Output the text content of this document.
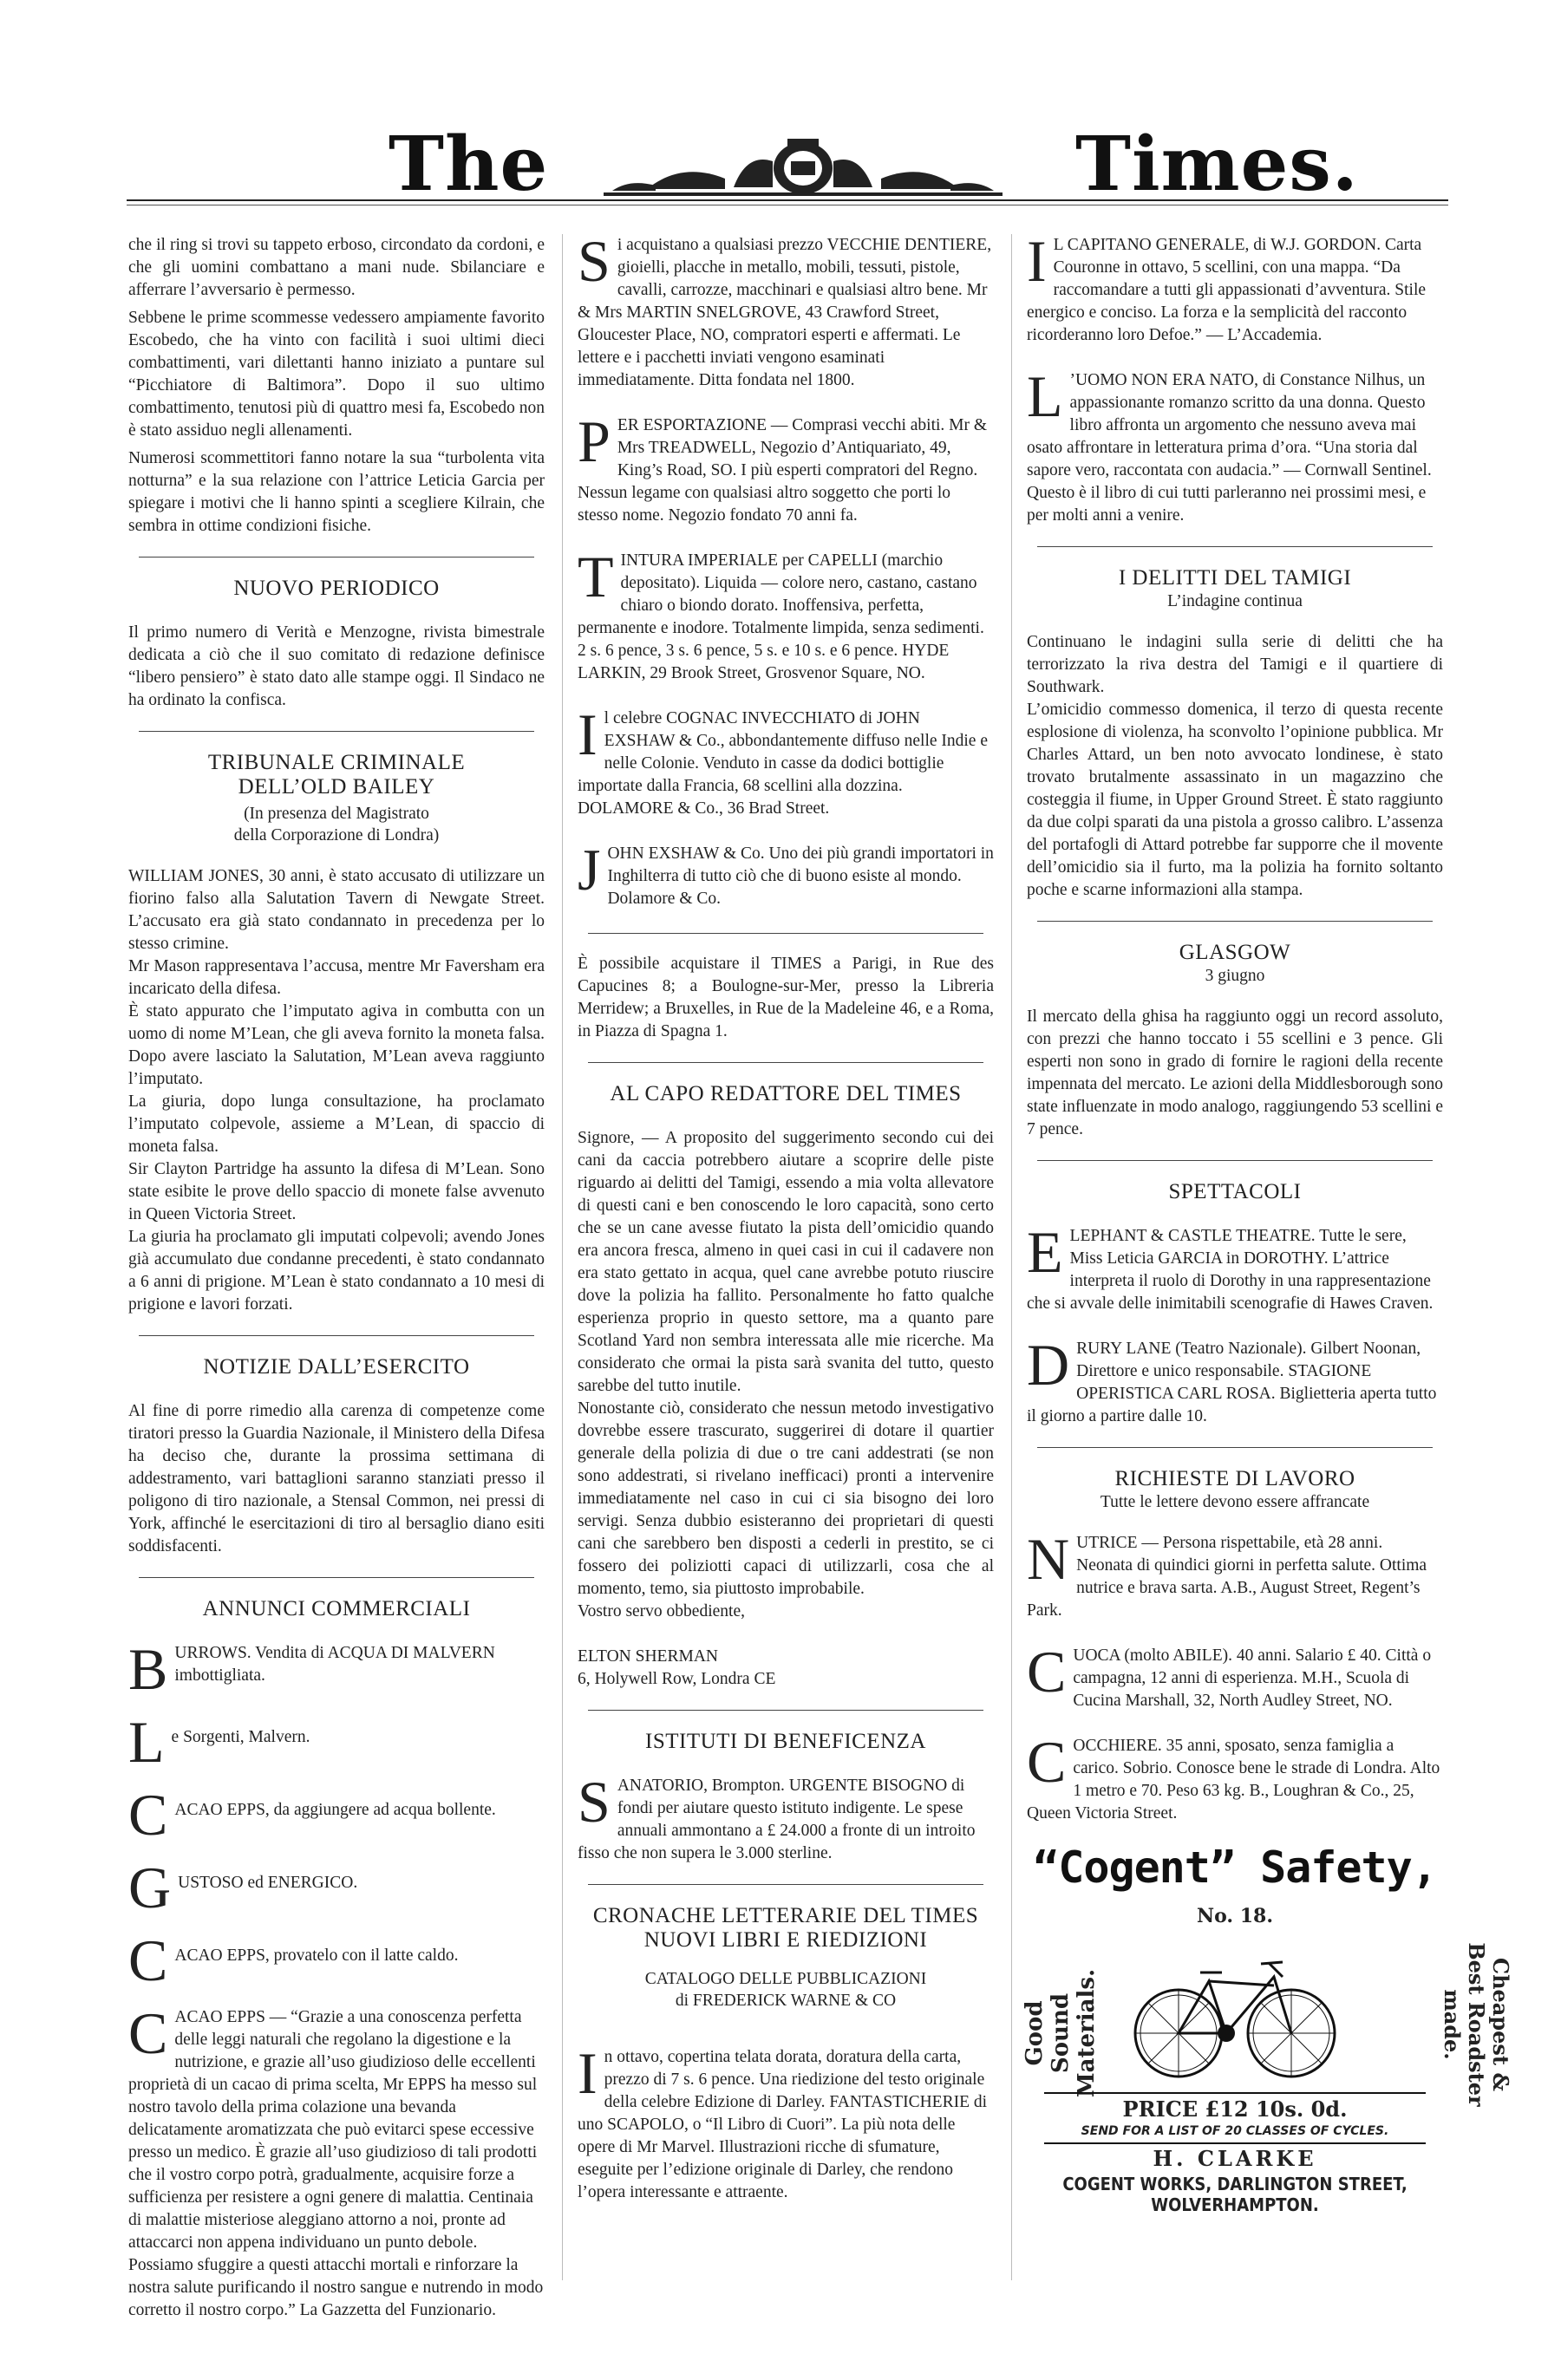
The	Times.

che il ring si trovi su tappeto erboso, circondato da cordoni, e che gli uomini combattano a mani nude. Sbilanciare e afferrare l’avversario è permesso.

Sebbene le prime scommesse vedessero ampiamente favorito Escobedo, che ha vinto con facilità i suoi ultimi dieci combattimenti, vari dilettanti hanno iniziato a puntare sul “Picchiatore di Baltimora”. Dopo il suo ultimo combattimento, tenutosi più di quattro mesi fa, Escobedo non è stato assiduo negli allenamenti.

Numerosi scommettitori fanno notare la sua “turbolenta vita notturna” e la sua relazione con l’attrice Leticia Garcia per spiegare i motivi che li hanno spinti a scegliere Kilrain, che sembra in ottime condizioni fisiche.

NUOVO PERIODICO

Il primo numero di Verità e Menzogne, rivista bimestrale dedicata a ciò che il suo comitato di redazione definisce “libero pensiero” è stato dato alle stampe oggi. Il Sindaco ne ha ordinato la confisca.

TRIBUNALE CRIMINALE
DELL’OLD BAILEY
(In presenza del Magistrato
della Corporazione di Londra)

WILLIAM JONES, 30 anni, è stato accusato di utilizzare un fiorino falso alla Salutation Tavern di Newgate Street. L’accusato era già stato condannato in precedenza per lo stesso crimine.

Mr Mason rappresentava l’accusa, mentre Mr Faversham era incaricato della difesa.

È stato appurato che l’imputato agiva in combutta con un uomo di nome M’Lean, che gli aveva fornito la moneta falsa. Dopo avere lasciato la Salutation, M’Lean aveva raggiunto l’imputato.

La giuria, dopo lunga consultazione, ha proclamato l’imputato colpevole, assieme a M’Lean, di spaccio di moneta falsa.

Sir Clayton Partridge ha assunto la difesa di M’Lean. Sono state esibite le prove dello spaccio di monete false avvenuto in Queen Victoria Street.

La giuria ha proclamato gli imputati colpevoli; avendo Jones già accumulato due condanne precedenti, è stato condannato a 6 anni di prigione. M’Lean è stato condannato a 10 mesi di prigione e lavori forzati.

NOTIZIE DALL’ESERCITO

Al fine di porre rimedio alla carenza di competenze come tiratori presso la Guardia Nazionale, il Ministero della Difesa ha deciso che, durante la prossima settimana di addestramento, vari battaglioni saranno stanziati presso il poligono di tiro nazionale, a Stensal Common, nei pressi di York, affinché le esercitazioni di tiro al bersaglio diano esiti soddisfacenti.

ANNUNCI COMMERCIALI
B URROWS. Vendita di ACQUA DI MALVERN imbottigliata.
L e Sorgenti, Malvern.
C ACAO EPPS, da aggiungere ad acqua bollente.
G USTOSO ed ENERGICO.
C ACAO EPPS, provatelo con il latte caldo.
C ACAO EPPS — “Grazie a una conoscenza perfetta delle leggi naturali che regolano la digestione e la nutrizione, e grazie all’uso giudizioso delle eccellenti proprietà di un cacao di prima scelta, Mr EPPS ha messo sul nostro tavolo della prima colazione una bevanda delicatamente aromatizzata che può evitarci spese eccessive presso un medico. È grazie all’uso giudizioso di tali prodotti che il vostro corpo potrà, gradualmente, acquisire forze a sufficienza per resistere a ogni genere di malattia. Centinaia di malattie misteriose aleggiano attorno a noi, pronte ad attaccarci non appena individuano un punto debole. Possiamo sfuggire a questi attacchi mortali e rinforzare la nostra salute purificando il nostro sangue e nutrendo in modo corretto il nostro corpo.” La Gazzetta del Funzionario.
S i acquistano a qualsiasi prezzo VECCHIE DENTIERE, gioielli, placche in metallo, mobili, tessuti, pistole, cavalli, carrozze, macchinari e qualsiasi altro bene. Mr & Mrs MARTIN SNELGROVE, 43 Crawford Street, Gloucester Place, NO, compratori esperti e affermati. Le lettere e i pacchetti inviati vengono esaminati immediatamente. Ditta fondata nel 1800.
P ER ESPORTAZIONE — Comprasi vecchi abiti. Mr & Mrs TREADWELL, Negozio d’Antiquariato, 49, King’s Road, SO. I più esperti compratori del Regno. Nessun legame con qualsiasi altro soggetto che porti lo stesso nome. Negozio fondato 70 anni fa.
T INTURA IMPERIALE per CAPELLI (marchio depositato). Liquida — colore nero, castano, castano chiaro o biondo dorato. Inoffensiva, perfetta, permanente e inodore. Totalmente limpida, senza sedimenti. 2 s. 6 pence, 3 s. 6 pence, 5 s. e 10 s. e 6 pence. HYDE LARKIN, 29 Brook Street, Grosvenor Square, NO.
I l celebre COGNAC INVECCHIATO di JOHN EXSHAW & Co., abbondantemente diffuso nelle Indie e nelle Colonie. Venduto in casse da dodici bottiglie importate dalla Francia, 68 scellini alla dozzina. DOLAMORE & Co., 36 Brad Street.
J OHN EXSHAW & Co. Uno dei più grandi importatori in Inghilterra di tutto ciò che di buono esiste al mondo. Dolamore & Co.

È possibile acquistare il TIMES a Parigi, in Rue des Capucines 8; a Boulogne-sur-Mer, presso la Libreria Merridew; a Bruxelles, in Rue de la Madeleine 46, e a Roma, in Piazza di Spagna 1.

AL CAPO REDATTORE DEL TIMES

Signore, — A proposito del suggerimento secondo cui dei cani da caccia potrebbero aiutare a scoprire delle piste riguardo ai delitti del Tamigi, essendo a mia volta allevatore di questi cani e ben conoscendo le loro capacità, sono certo che se un cane avesse fiutato la pista dell’omicidio quando era ancora fresca, almeno in quei casi in cui il cadavere non era stato gettato in acqua, quel cane avrebbe potuto riuscire dove la polizia ha fallito. Personalmente ho fatto qualche esperienza proprio in questo settore, ma a quanto pare Scotland Yard non sembra interessata alle mie ricerche. Ma considerato che ormai la pista sarà svanita del tutto, questo sarebbe del tutto inutile.

Nonostante ciò, considerato che nessun metodo investigativo dovrebbe essere trascurato, suggerirei di dotare il quartier generale della polizia di due o tre cani addestrati (se non sono addestrati, si rivelano inefficaci) pronti a intervenire immediatamente nel caso in cui ci sia bisogno dei loro servigi. Senza dubbio esisteranno dei proprietari di questi cani che sarebbero ben disposti a cederli in prestito, se ci fossero dei poliziotti capaci di utilizzarli, cosa che al momento, temo, sia piuttosto improbabile.

Vostro servo obbediente,

ELTON SHERMAN

6, Holywell Row, Londra CE

ISTITUTI DI BENEFICENZA
S ANATORIO, Brompton. URGENTE BISOGNO di fondi per aiutare questo istituto indigente. Le spese annuali ammontano a £ 24.000 a fronte di un introito fisso che non supera le 3.000 sterline.
CRONACHE LETTERARIE DEL TIMES
NUOVI LIBRI E RIEDIZIONI
CATALOGO DELLE PUBBLICAZIONI
di FREDERICK WARNE & CO
I n ottavo, copertina telata dorata, doratura della carta, prezzo di 7 s. 6 pence. Una riedizione del testo originale della celebre Edizione di Darley. FANTASTICHERIE di uno SCAPOLO, o “Il Libro di Cuori”. La più nota delle opere di Mr Marvel. Illustrazioni ricche di sfumature, eseguite per l’edizione originale di Darley, che rendono l’opera interessante e attraente.
I L CAPITANO GENERALE, di W.J. GORDON. Carta Couronne in ottavo, 5 scellini, con una mappa. “Da raccomandare a tutti gli appassionati d’avventura. Stile energico e conciso. La forza e la semplicità del racconto ricorderanno loro Defoe.” — L’Accademia.
L ’UOMO NON ERA NATO, di Constance Nilhus, un appassionante romanzo scritto da una donna. Questo libro affronta un argomento che nessuno aveva mai osato affrontare in letteratura prima d’ora. “Una storia dal sapore vero, raccontata con audacia.” — Cornwall Sentinel. Questo è il libro di cui tutti parleranno nei prossimi mesi, e per molti anni a venire.
I DELITTI DEL TAMIGI
L’indagine continua

Continuano le indagini sulla serie di delitti che ha terrorizzato la riva destra del Tamigi e il quartiere di Southwark.

L’omicidio commesso domenica, il terzo di questa recente esplosione di violenza, ha sconvolto l’opinione pubblica. Mr Charles Attard, un ben noto avvocato londinese, è stato trovato brutalmente assassinato in un magazzino che costeggia il fiume, in Upper Ground Street. È stato raggiunto da due colpi sparati da una pistola a grosso calibro. L’assenza del portafogli di Attard potrebbe far supporre che il movente dell’omicidio sia il furto, ma la polizia ha fornito soltanto poche e scarne informazioni alla stampa.

GLASGOW
3 giugno

Il mercato della ghisa ha raggiunto oggi un record assoluto, con prezzi che hanno toccato i 55 scellini e 3 pence. Gli esperti non sono in grado di fornire le ragioni della recente impennata del mercato. Le azioni della Middlesborough sono state influenzate in modo analogo, raggiungendo 53 scellini e 7 pence.

SPETTACOLI
E LEPHANT & CASTLE THEATRE. Tutte le sere, Miss Leticia GARCIA in DOROTHY. L’attrice interpreta il ruolo di Dorothy in una rappresentazione che si avvale delle inimitabili scenografie di Hawes Craven.
D RURY LANE (Teatro Nazionale). Gilbert Noonan, Direttore e unico responsabile. STAGIONE OPERISTICA CARL ROSA. Biglietteria aperta tutto il giorno a partire dalle 10.
RICHIESTE DI LAVORO
Tutte le lettere devono essere affrancate
N UTRICE — Persona rispettabile, età 28 anni. Neonata di quindici giorni in perfetta salute. Ottima nutrice e brava sarta. A.B., August Street, Regent’s Park.
C UOCA (molto ABILE). 40 anni. Salario £ 40. Città o campagna, 12 anni di esperienza. M.H., Scuola di Cucina Marshall, 32, North Audley Street, NO.
C OCCHIERE. 35 anni, sposato, senza famiglia a carico. Sobrio. Conosce bene le strade di Londra. Alto 1 metro e 70. Peso 63 kg. B., Loughran & Co., 25, Queen Victoria Street.
“Cogent” Safety,
No. 18.
Good Sound Materials.	Cheapest & Best Roadster made.
PRICE £12 10s. 0d.
SEND FOR A LIST OF 20 CLASSES OF CYCLES.
H. CLARKE
COGENT WORKS, DARLINGTON STREET, WOLVERHAMPTON.
